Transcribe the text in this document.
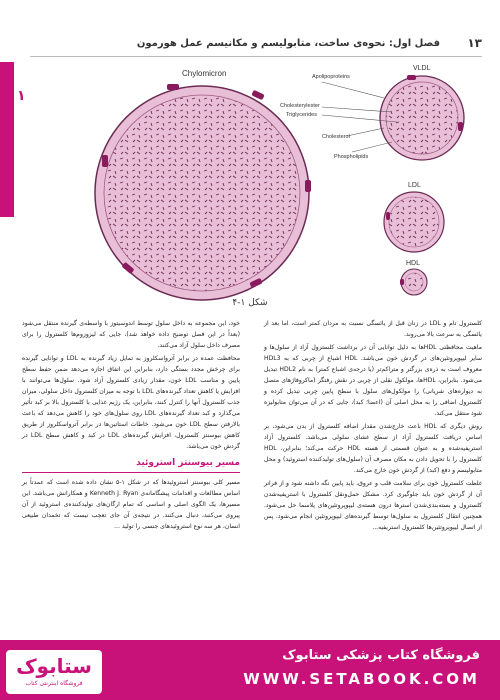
فصل اول: نحوه‌ی ساخت، متابولیسم و مکانیسم عمل هورمون ۱۳
۱
Chylomicron
VLDL
Apolipoproteins
Cholesterylester
Triglycerides
Cholesterol
Phospholipids
LDL
HDL
شکل ۱-۴

کلسترول تام و LDL در زنان قبل از یائسگی نسبت به مردان کمتر است، اما بعد از یائسگی به سرعت بالا می‌روند.

ماهیت محافظتی HDLها به دلیل توانایی آن در برداشت کلسترول آزاد از سلول‌ها و سایر لیپوپروتئین‌های در گردش خون می‌باشد. HDL اشباع از چربی که به HDL3 معروف است به ذره‌ی بزرگتر و متراکم‌تر (یا درجه‌ی اشباع کمتر) به نام HDL2 تبدیل می‌شود. بنابراین، HDLها، مولکول نقلی از چربی در نقش رفتگر (ماکروفاژهای متصل به دیواره‌های شریانی) را مولکول‌های سلول با سطح پایین چربی تبدیل کرده و کلسترول اضافی را به محل اصلی آن (اعضا؛ کبد)، جایی که در آن می‌توان متابولیزه شود منتقل می‌کند.

روش دیگری که HDL باعث خارج‌شدن مقدار اضافه کلسترول از بدن می‌شود، بر اساس دریافت کلسترول آزاد از سطح غشای سلولی می‌باشد. کلسترول آزاد استریفیه‌شده و به عنوان قسمتی از هسته HDL حرکت می‌کند؛ بنابراین، HDL کلسترول را با تحویل دادن به مکان مصرف آن (سلول‌های تولید‌کننده استروئید) و محل متابولیسم و دفع (کبد) از گردش خون خارج می‌کند.

غلظت کلسترول خون برای سلامت قلب و عروق، باید پایین نگه داشته شود و از فراتر آن از گردش خون باید جلوگیری کرد. مشکل حمل‌ونقل کلسترول با استریفیه‌شدن کلسترول و بسته‌بندی‌شدن استرها درون هسته‌ی لیپوپروتئین‌های پلاسما حل می‌شود. همچنین انتقال کلسترول به سلول‌ها توسط گیرنده‌های لیپوپروتئین انجام می‌شود. پس از اتصال لیپوپروتئین‌ها کلسترول استریفیه...

خود، این مجموعه به داخل سلول توسط اندوسیتوز با واسطه‌ی گیرنده منتقل می‌شود (بعداً در این فصل توضیح داده خواهد شد)، جایی که لیزوزوم‌ها کلسترول را برای مصرف داخل سلول آزاد می‌کنند.

محافظت عمده در برابر آترواسکلروز به تمایل زیاد گیرنده به LDL و توانایی گیرنده برای چرخش مجدد بستگی دارد، بنابراین این اتفاق اجازه می‌دهد ضمن حفظ سطح پایین و مناسب LDL خون، مقدار زیادی کلسترول آزاد شود. سلول‌ها می‌توانند با افزایش یا کاهش تعداد گیرنده‌های LDL با توجه به میزان کلسترول داخل سلولی، میزان جذب کلسترول آنها را کنترل کنند، بنابراین، یک رژیم غذایی با کلسترول بالا بر کبد تأثیر می‌گذارد و کبد تعداد گیرنده‌های LDL روی سلول‌های خود را کاهش می‌دهد که باعث بالارفتن سطح LDL خون می‌شود. خاطات استاتین‌ها در برابر آترواسکلروز از طریق کاهش بیوسنتز کلسترول، افزایش گیرنده‌های LDL در کبد و کاهش سطح LDL در گردش خون می‌باشد.

مسیر بیوسنتز استروئید

مسیر کلی بیوسنتز استروئیدها که در شکل ۱-۵ نشان داده شده است که عمدتاً بر اساس مطالعات و اقدامات پیشگامانه‌ی Kenneth J. Ryan و همکارانش می‌باشد. این مسیرها، یک الگوی اصلی و اساسی که تمام ارگان‌های تولیدکننده‌ی استروئید از آن پیروی می‌کنند، دنبال می‌کنند. در نتیجه‌ی آن جای تعجب نیست که تخمدان طبیعی انسان، هر سه نوع استروئیدهای جنسی را تولید ...

ستابوک
فروشگاه اینترنتی کتاب
فروشگاه کتاب پزشکی ستابوک
WWW.SETABOOK.COM
